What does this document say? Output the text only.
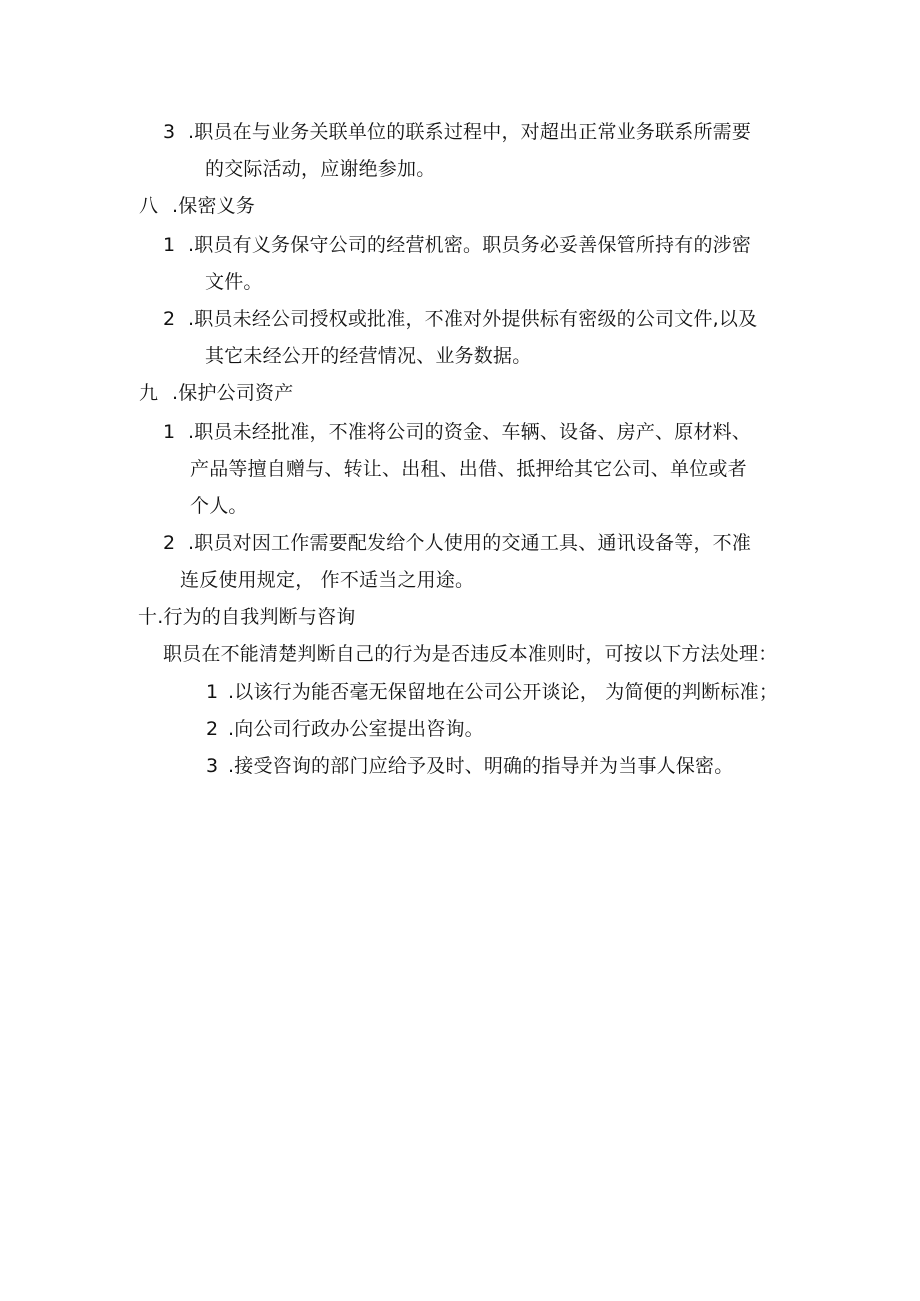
3 .职员在与业务关联单位的联系过程中，对超出正常业务联系所需要
的交际活动，应谢绝参加。
八 .保密义务
1 .职员有义务保守公司的经营机密。职员务必妥善保管所持有的涉密
文件。
2 .职员未经公司授权或批准，不准对外提供标有密级的公司文件,以及
其它未经公开的经营情况、业务数据。
九 .保护公司资产
1 .职员未经批准，不准将公司的资金、车辆、设备、房产、原材料、
产品等擅自赠与、转让、出租、出借、抵押给其它公司、单位或者
个人。
2 .职员对因工作需要配发给个人使用的交通工具、通讯设备等，不准
连反使用规定， 作不适当之用途。
十.行为的自我判断与咨询
职员在不能清楚判断自己的行为是否违反本准则时，可按以下方法处理：
1 .以该行为能否毫无保留地在公司公开谈论， 为简便的判断标准；
2 .向公司行政办公室提出咨询。
3 .接受咨询的部门应给予及时、明确的指导并为当事人保密。
